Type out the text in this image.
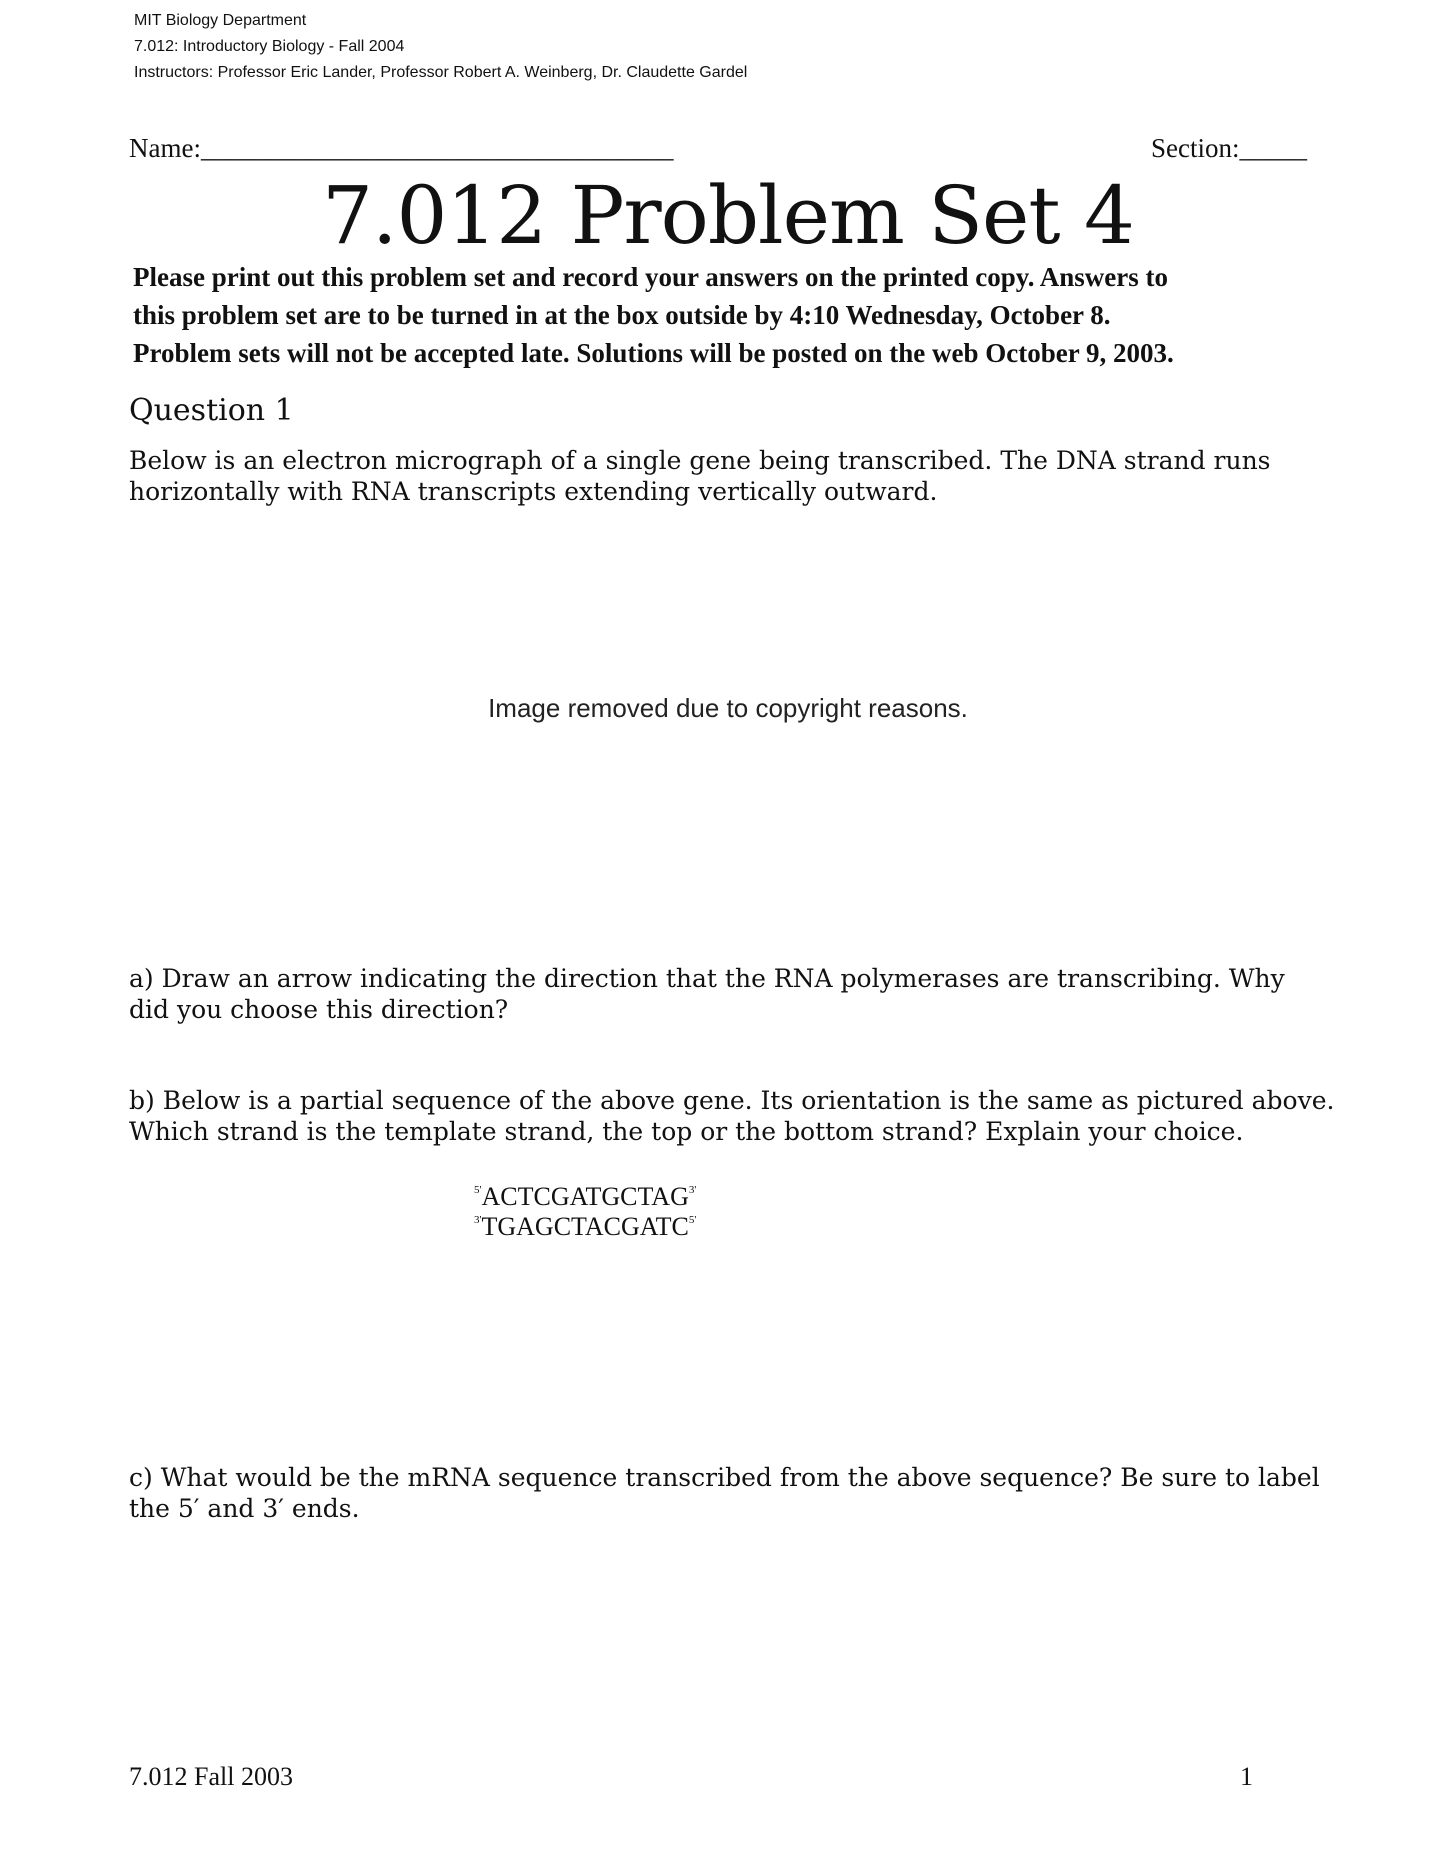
MIT Biology Department
7.012: Introductory Biology - Fall 2004
Instructors: Professor Eric Lander, Professor Robert A. Weinberg, Dr. Claudette Gardel
Name:___________________________________	Section:_____
7.012 Problem Set 4
Please print out this problem set and record your answers on the printed copy. Answers to
this problem set are to be turned in at the box outside by 4:10 Wednesday, October 8.
Problem sets will not be accepted late. Solutions will be posted on the web October 9, 2003.
Question 1
Below is an electron micrograph of a single gene being transcribed. The DNA strand runs
horizontally with RNA transcripts extending vertically outward.
Image removed due to copyright reasons.
a) Draw an arrow indicating the direction that the RNA polymerases are transcribing. Why
did you choose this direction?
b) Below is a partial sequence of the above gene. Its orientation is the same as pictured above.
Which strand is the template strand, the top or the bottom strand? Explain your choice.
$^{5'}ACTCGATGCTAG^{3'}$
$^{3'}TGAGCTACGATC^{5'}$
c) What would be the mRNA sequence transcribed from the above sequence? Be sure to label
the 5′ and 3′ ends.
7.012 Fall 2003	1
